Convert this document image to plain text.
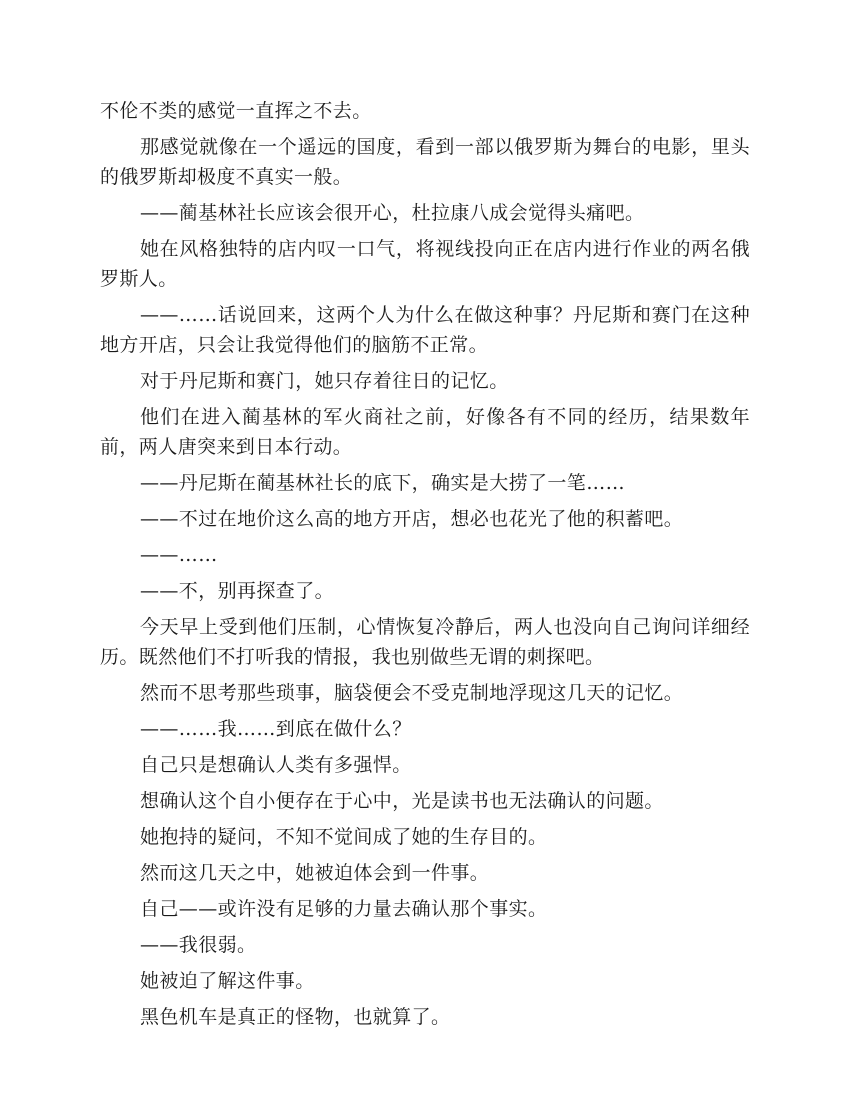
不伦不类的感觉一直挥之不去。

那感觉就像在一个遥远的国度，看到一部以俄罗斯为舞台的电影，里头的俄罗斯却极度不真实一般。

——蔺基林社长应该会很开心，杜拉康八成会觉得头痛吧。

她在风格独特的店内叹一口气，将视线投向正在店内进行作业的两名俄罗斯人。

——……话说回来，这两个人为什么在做这种事？丹尼斯和赛门在这种地方开店，只会让我觉得他们的脑筋不正常。

对于丹尼斯和赛门，她只存着往日的记忆。

他们在进入蔺基林的军火商社之前，好像各有不同的经历，结果数年前，两人唐突来到日本行动。

——丹尼斯在蔺基林社长的底下，确实是大捞了一笔……

——不过在地价这么高的地方开店，想必也花光了他的积蓄吧。

——……

——不，别再探查了。

今天早上受到他们压制，心情恢复冷静后，两人也没向自己询问详细经历。既然他们不打听我的情报，我也别做些无谓的刺探吧。

然而不思考那些琐事，脑袋便会不受克制地浮现这几天的记忆。

——……我……到底在做什么？

自己只是想确认人类有多强悍。

想确认这个自小便存在于心中，光是读书也无法确认的问题。

她抱持的疑问，不知不觉间成了她的生存目的。

然而这几天之中，她被迫体会到一件事。

自己——或许没有足够的力量去确认那个事实。

——我很弱。

她被迫了解这件事。

黑色机车是真正的怪物，也就算了。
